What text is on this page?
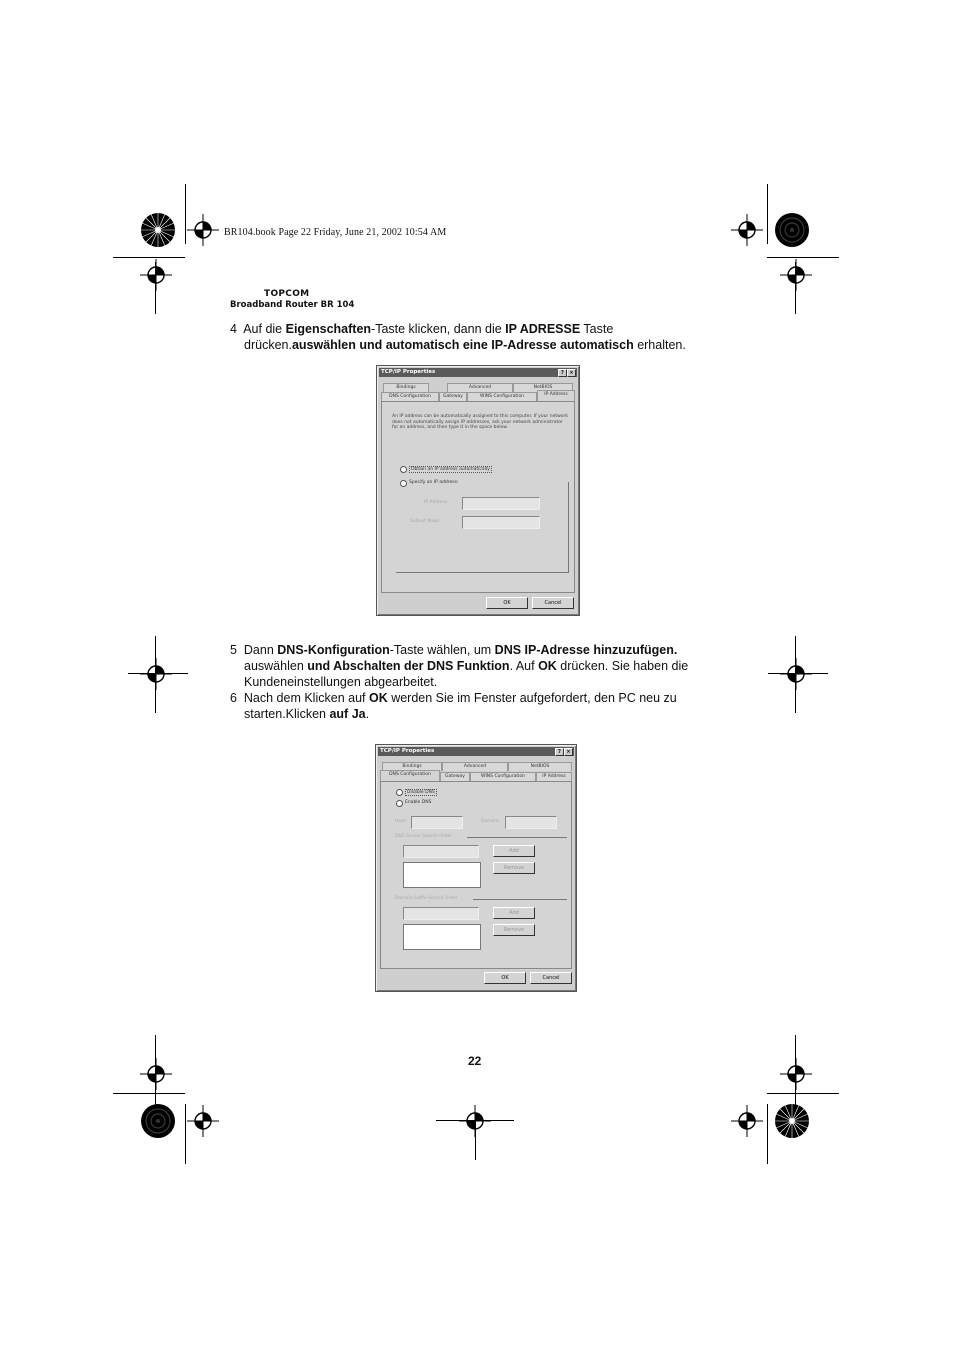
BR104.book Page 22 Friday, June 21, 2002 10:54 AM
TOPCOM
Broadband Router BR 104
4 Auf die Eigenschaften-Taste klicken, dann die IP ADRESSE Taste
drücken.auswählen und automatisch eine IP-Adresse automatisch erhalten.
TCP/IP Properties	?	×
Bindings	Advanced	NetBIOS
DNS Configuration	Gateway	WINS Configuration	IP Address
An IP address can be automatically assigned to this computer. If your network does not automatically assign IP addresses, ask your network administrator for an address, and then type it in the space below.
Obtain an IP address automatically
Specify an IP address:
IP Address:
Subnet Mask:
OK	Cancel
5 Dann DNS-Konfiguration-Taste wählen, um DNS IP-Adresse hinzuzufügen.
auswählen und Abschalten der DNS Funktion. Auf OK drücken. Sie haben die
Kundeneinstellungen abgearbeitet.
6 Nach dem Klicken auf OK werden Sie im Fenster aufgefordert, den PC neu zu
starten.Klicken auf Ja.
TCP/IP Properties	?	×
Bindings	Advanced	NetBIOS
DNS Configuration	Gateway	WINS Configuration	IP Address
Disable DNS
Enable DNS
Host:	Domain:
DNS Server Search Order
Add
Remove
Domain Suffix Search Order
Add
Remove
OK	Cancel
22
